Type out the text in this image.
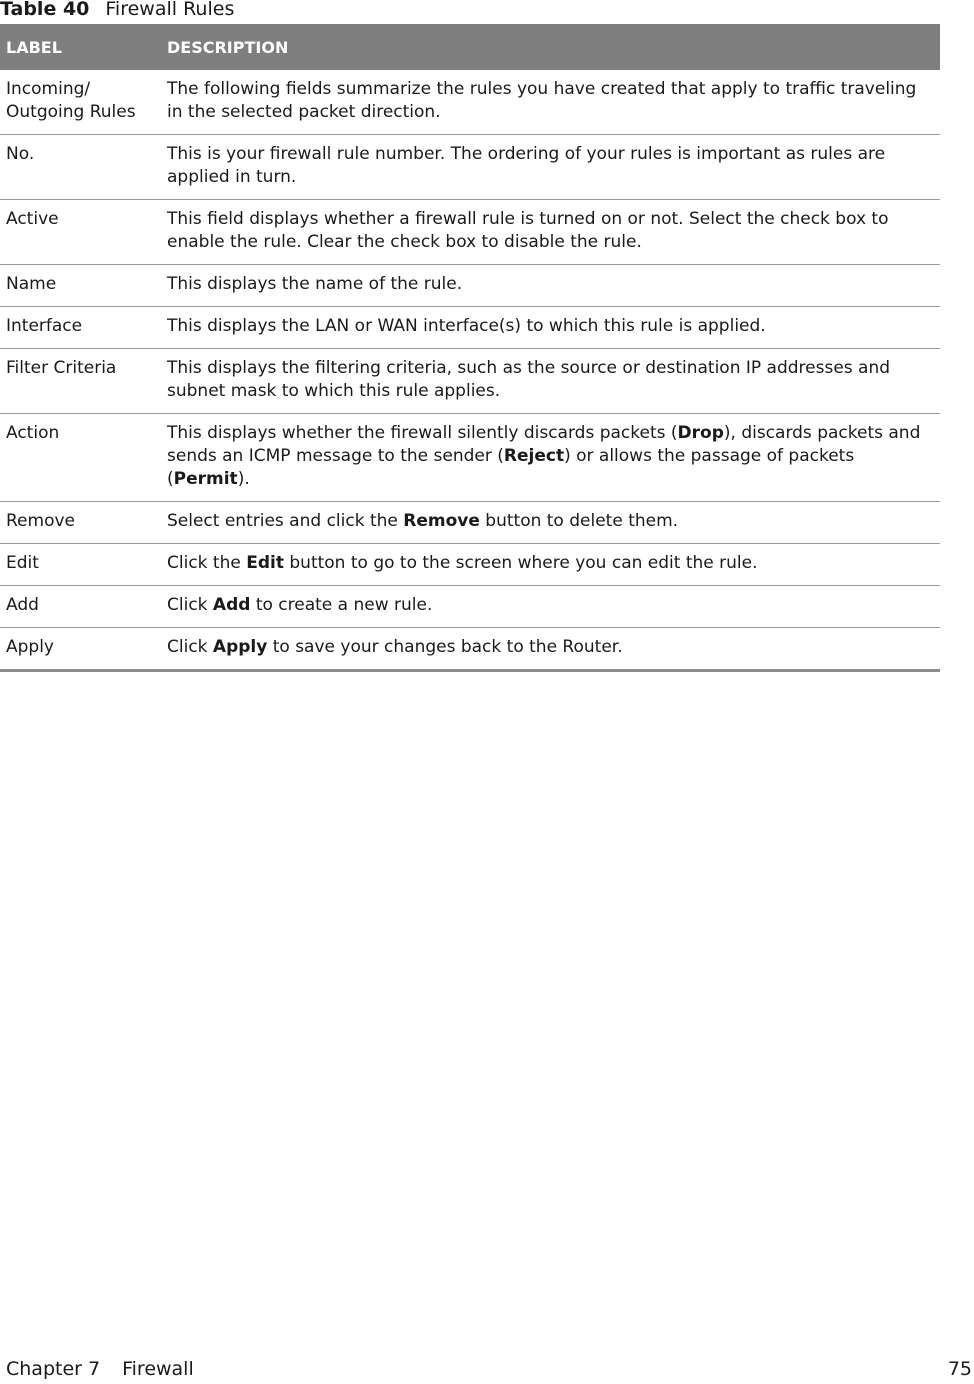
Table 40 Firewall Rules
LABEL	DESCRIPTION
Incoming/ Outgoing Rules	The following fields summarize the rules you have created that apply to traffic traveling in the selected packet direction.
No.	This is your firewall rule number. The ordering of your rules is important as rules are applied in turn.
Active	This field displays whether a firewall rule is turned on or not. Select the check box to enable the rule. Clear the check box to disable the rule.
Name	This displays the name of the rule.
Interface	This displays the LAN or WAN interface(s) to which this rule is applied.
Filter Criteria	This displays the filtering criteria, such as the source or destination IP addresses and subnet mask to which this rule applies.
Action	This displays whether the firewall silently discards packets (Drop), discards packets and sends an ICMP message to the sender (Reject) or allows the passage of packets (Permit).
Remove	Select entries and click the Remove button to delete them.
Edit	Click the Edit button to go to the screen where you can edit the rule.
Add	Click Add to create a new rule.
Apply	Click Apply to save your changes back to the Router.
Chapter 7 Firewall	75
